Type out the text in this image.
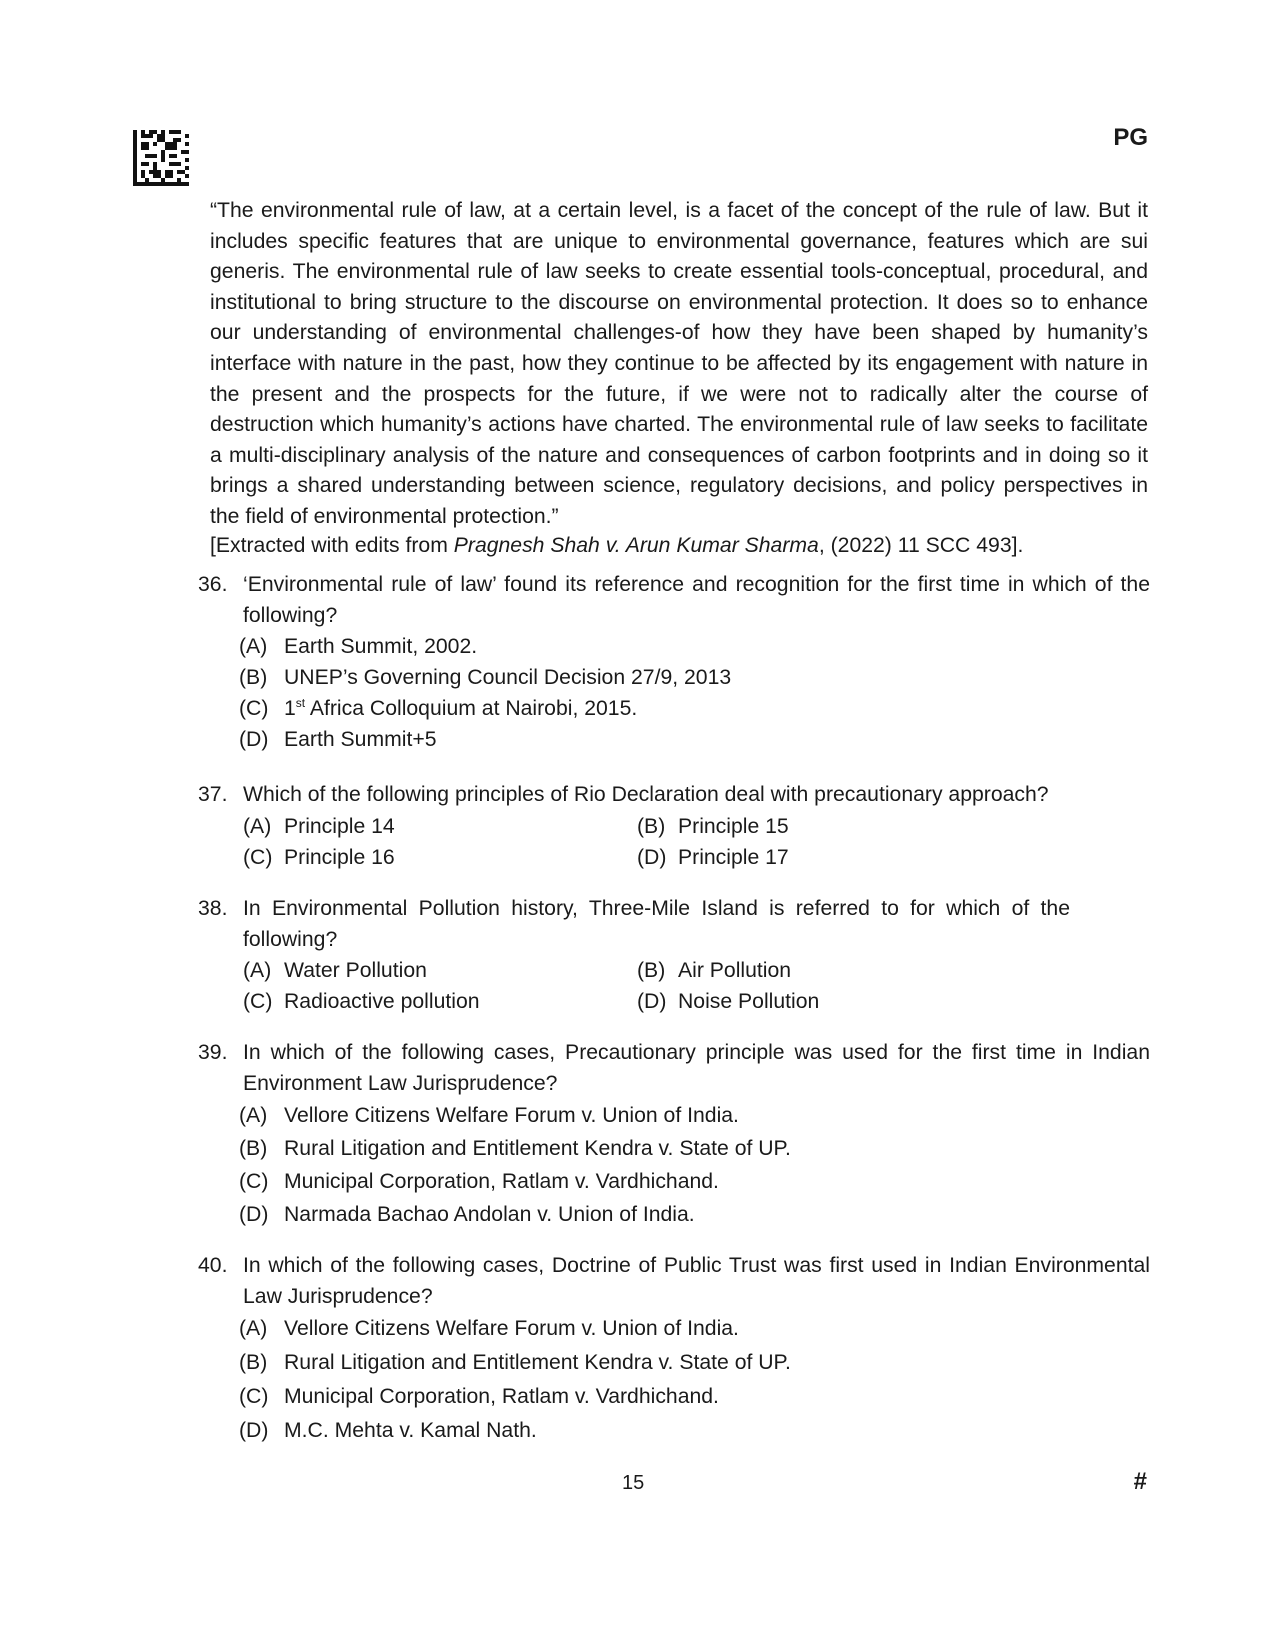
PG

“The environmental rule of law, at a certain level, is a facet of the concept of the rule of law. But it includes specific features that are unique to environmental governance, features which are sui generis. The environmental rule of law seeks to create essential tools-conceptual, procedural, and institutional to bring structure to the discourse on environmental protection. It does so to enhance our understanding of environmental challenges-of how they have been shaped by humanity’s interface with nature in the past, how they continue to be affected by its engagement with nature in the present and the prospects for the future, if we were not to radically alter the course of destruction which humanity’s actions have charted. The environmental rule of law seeks to facilitate a multi-disciplinary analysis of the nature and consequences of carbon footprints and in doing so it brings a shared understanding between science, regulatory decisions, and policy perspectives in the field of environmental protection.”

[Extracted with edits from Pragnesh Shah v. Arun Kumar Sharma, (2022) 11 SCC 493].
36. ‘Environmental rule of law’ found its reference and recognition for the first time in which of the following?
(A) Earth Summit, 2002.
(B) UNEP’s Governing Council Decision 27/9, 2013
(C) 1st Africa Colloquium at Nairobi, 2015.
(D) Earth Summit+5
37. Which of the following principles of Rio Declaration deal with precautionary approach?
(A) Principle 14	(B) Principle 15
(C) Principle 16	(D) Principle 17
38. In Environmental Pollution history, Three-Mile Island is referred to for which of the following?
(A) Water Pollution	(B) Air Pollution
(C) Radioactive pollution	(D) Noise Pollution
39. In which of the following cases, Precautionary principle was used for the first time in Indian Environment Law Jurisprudence?
(A) Vellore Citizens Welfare Forum v. Union of India.
(B) Rural Litigation and Entitlement Kendra v. State of UP.
(C) Municipal Corporation, Ratlam v. Vardhichand.
(D) Narmada Bachao Andolan v. Union of India.
40. In which of the following cases, Doctrine of Public Trust was first used in Indian Environmental Law Jurisprudence?
(A) Vellore Citizens Welfare Forum v. Union of India.
(B) Rural Litigation and Entitlement Kendra v. State of UP.
(C) Municipal Corporation, Ratlam v. Vardhichand.
(D) M.C. Mehta v. Kamal Nath.
15	#
